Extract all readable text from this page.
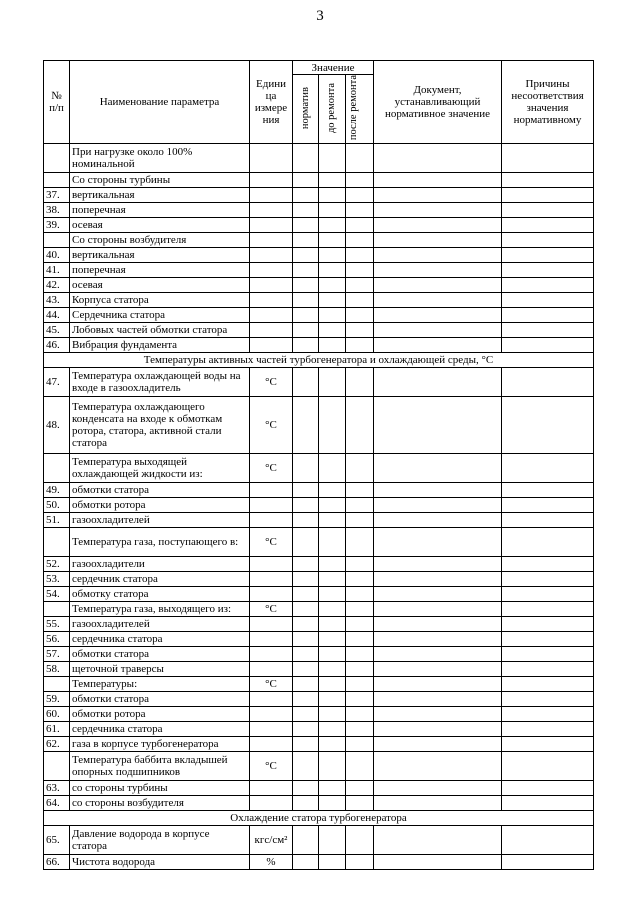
3
№ п/п	Наименование параметра	Едини ца измере ния	Значение			Документ, устанавливающий нормативное значение	Причины несоответствия значения нормативному
			норматив	до ремонта	после ремонта		
	При нагрузке около 100% номинальной						
	Со стороны турбины						
37.	вертикальная						
38.	поперечная						
39.	осевая						
	Со стороны возбудителя						
40.	вертикальная						
41.	поперечная						
42.	осевая						
43.	Корпуса статора						
44.	Сердечника статора						
45.	Лобовых частей обмотки статора						
46.	Вибрация фундамента						
Температуры активных частей турбогенератора и охлаждающей среды, °С							
47.	Температура охлаждающей воды на входе в газоохладитель	°С					
48.	Температура охлаждающего конденсата на входе к обмоткам ротора, статора, активной стали статора	°С					
	Температура выходящей охлаждающей жидкости из:	°С					
49.	обмотки статора						
50.	обмотки ротора						
51.	газоохладителей						
	Температура газа, поступающего в:	°С					
52.	газоохладители						
53.	сердечник статора						
54.	обмотку статора						
	Температура газа, выходящего из:	°С					
55.	газоохладителей						
56.	сердечника статора						
57.	обмотки статора						
58.	щеточной траверсы						
	Температуры:	°С					
59.	обмотки статора						
60.	обмотки ротора						
61.	сердечника статора						
62.	газа в корпусе турбогенератора						
	Температура баббита вкладышей опорных подшипников	°С					
63.	со стороны турбины						
64.	со стороны возбудителя						
Охлаждение статора турбогенератора							
65.	Давление водорода в корпусе статора	кгс/см²					
66.	Чистота водорода	%					
